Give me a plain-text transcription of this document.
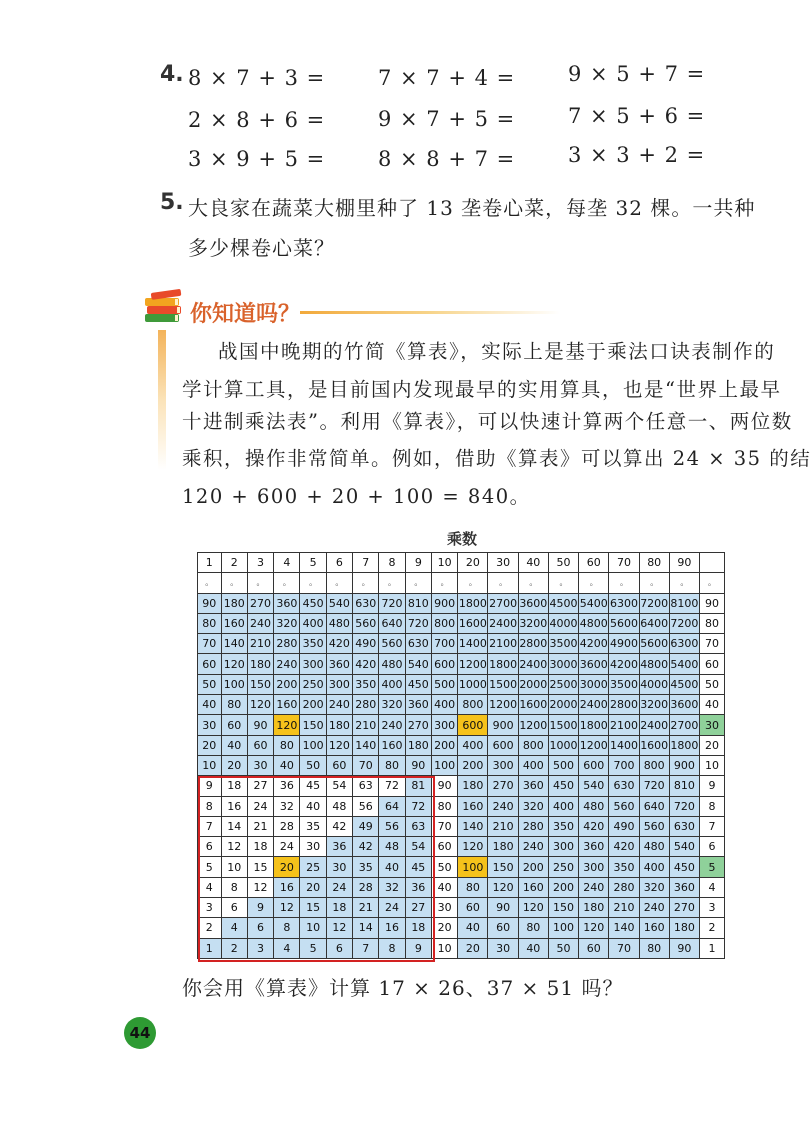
4. 8 × 7 + 3 =	7 × 7 + 4 =	9 × 5 + 7 =
2 × 8 + 6 =	9 × 7 + 5 =	7 × 5 + 6 =
3 × 9 + 5 =	8 × 8 + 7 =	3 × 3 + 2 =
5. 大良家在蔬菜大棚里种了 13 垄卷心菜，每垄 32 棵。一共种
多少棵卷心菜？
你知道吗？
战国中晚期的竹简《算表》，实际上是基于乘法口诀表制作的
学计算工具，是目前国内发现最早的实用算具，也是“世界上最早
十进制乘法表”。利用《算表》，可以快速计算两个任意一、两位数
乘积，操作非常简单。例如，借助《算表》可以算出 24 × 35 的结
120 + 600 + 20 + 100 = 840。
乘数
1	2	3	4	5	6	7	8	9	10	20	30	40	50	60	70	80	90	
。	。	。	。	。	。	。	。	。	。	。	。	。	。	。	。	。	。	。
90	180	270	360	450	540	630	720	810	900	1800	2700	3600	4500	5400	6300	7200	8100	90
80	160	240	320	400	480	560	640	720	800	1600	2400	3200	4000	4800	5600	6400	7200	80
70	140	210	280	350	420	490	560	630	700	1400	2100	2800	3500	4200	4900	5600	6300	70
60	120	180	240	300	360	420	480	540	600	1200	1800	2400	3000	3600	4200	4800	5400	60
50	100	150	200	250	300	350	400	450	500	1000	1500	2000	2500	3000	3500	4000	4500	50
40	80	120	160	200	240	280	320	360	400	800	1200	1600	2000	2400	2800	3200	3600	40
30	60	90	120	150	180	210	240	270	300	600	900	1200	1500	1800	2100	2400	2700	30
20	40	60	80	100	120	140	160	180	200	400	600	800	1000	1200	1400	1600	1800	20
10	20	30	40	50	60	70	80	90	100	200	300	400	500	600	700	800	900	10
9	18	27	36	45	54	63	72	81	90	180	270	360	450	540	630	720	810	9
8	16	24	32	40	48	56	64	72	80	160	240	320	400	480	560	640	720	8
7	14	21	28	35	42	49	56	63	70	140	210	280	350	420	490	560	630	7
6	12	18	24	30	36	42	48	54	60	120	180	240	300	360	420	480	540	6
5	10	15	20	25	30	35	40	45	50	100	150	200	250	300	350	400	450	5
4	8	12	16	20	24	28	32	36	40	80	120	160	200	240	280	320	360	4
3	6	9	12	15	18	21	24	27	30	60	90	120	150	180	210	240	270	3
2	4	6	8	10	12	14	16	18	20	40	60	80	100	120	140	160	180	2
1	2	3	4	5	6	7	8	9	10	20	30	40	50	60	70	80	90	1
你会用《算表》计算 17 × 26、37 × 51 吗？
44
